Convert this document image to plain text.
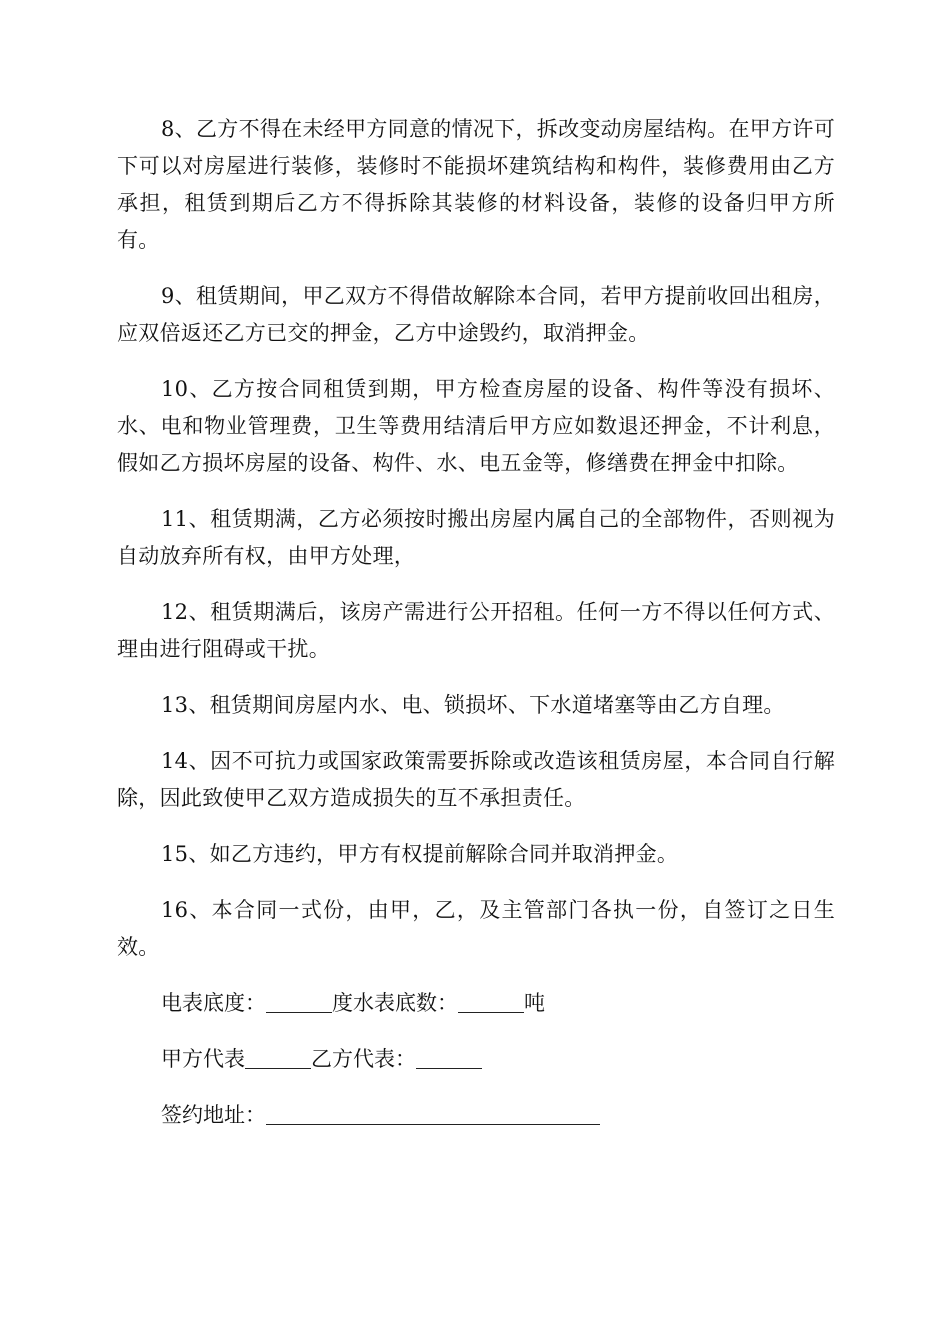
8、乙方不得在未经甲方同意的情况下，拆改变动房屋结构。在甲方许可下可以对房屋进行装修，装修时不能损坏建筑结构和构件，装修费用由乙方承担，租赁到期后乙方不得拆除其装修的材料设备，装修的设备归甲方所有。

9、租赁期间，甲乙双方不得借故解除本合同，若甲方提前收回出租房，应双倍返还乙方已交的押金，乙方中途毁约，取消押金。

10、乙方按合同租赁到期，甲方检查房屋的设备、构件等没有损坏、水、电和物业管理费，卫生等费用结清后甲方应如数退还押金，不计利息，假如乙方损坏房屋的设备、构件、水、电五金等，修缮费在押金中扣除。

11、租赁期满，乙方必须按时搬出房屋内属自己的全部物件，否则视为自动放弃所有权，由甲方处理，

12、租赁期满后，该房产需进行公开招租。任何一方不得以任何方式、理由进行阻碍或干扰。

13、租赁期间房屋内水、电、锁损坏、下水道堵塞等由乙方自理。

14、因不可抗力或国家政策需要拆除或改造该租赁房屋，本合同自行解除，因此致使甲乙双方造成损失的互不承担责任。

15、如乙方违约，甲方有权提前解除合同并取消押金。

16、本合同一式份，由甲，乙，及主管部门各执一份，自签订之日生效。

电表底度：	度水表底数：	吨

甲方代表	乙方代表：

签约地址：
